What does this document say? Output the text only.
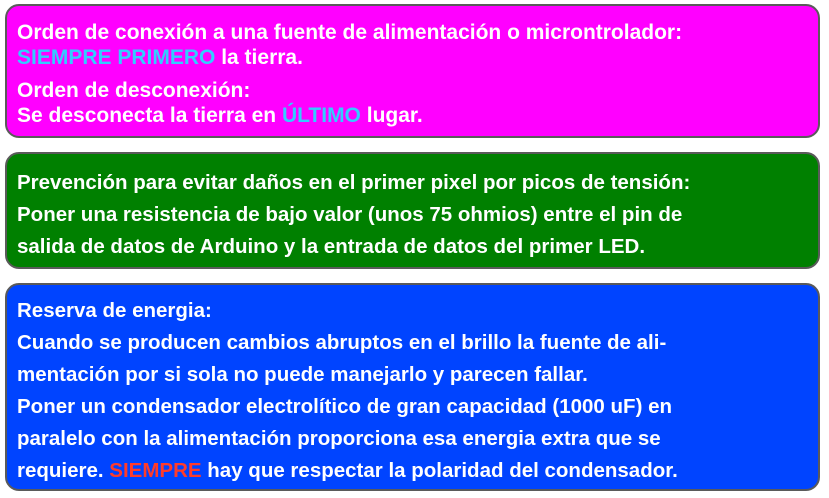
Orden de conexión a una fuente de alimentación o microntrolador:
SIEMPRE PRIMERO la tierra.
Orden de desconexión:
Se desconecta la tierra en ÚLTIMO lugar.
Prevención para evitar daños en el primer pixel por picos de tensión:
Poner una resistencia de bajo valor (unos 75 ohmios) entre el pin de
salida de datos de Arduino y la entrada de datos del primer LED.
Reserva de energia:
Cuando se producen cambios abruptos en el brillo la fuente de ali-
mentación por si sola no puede manejarlo y parecen fallar.
Poner un condensador electrolítico de gran capacidad (1000 uF) en
paralelo con la alimentación proporciona esa energia extra que se
requiere. SIEMPRE hay que respectar la polaridad del condensador.
